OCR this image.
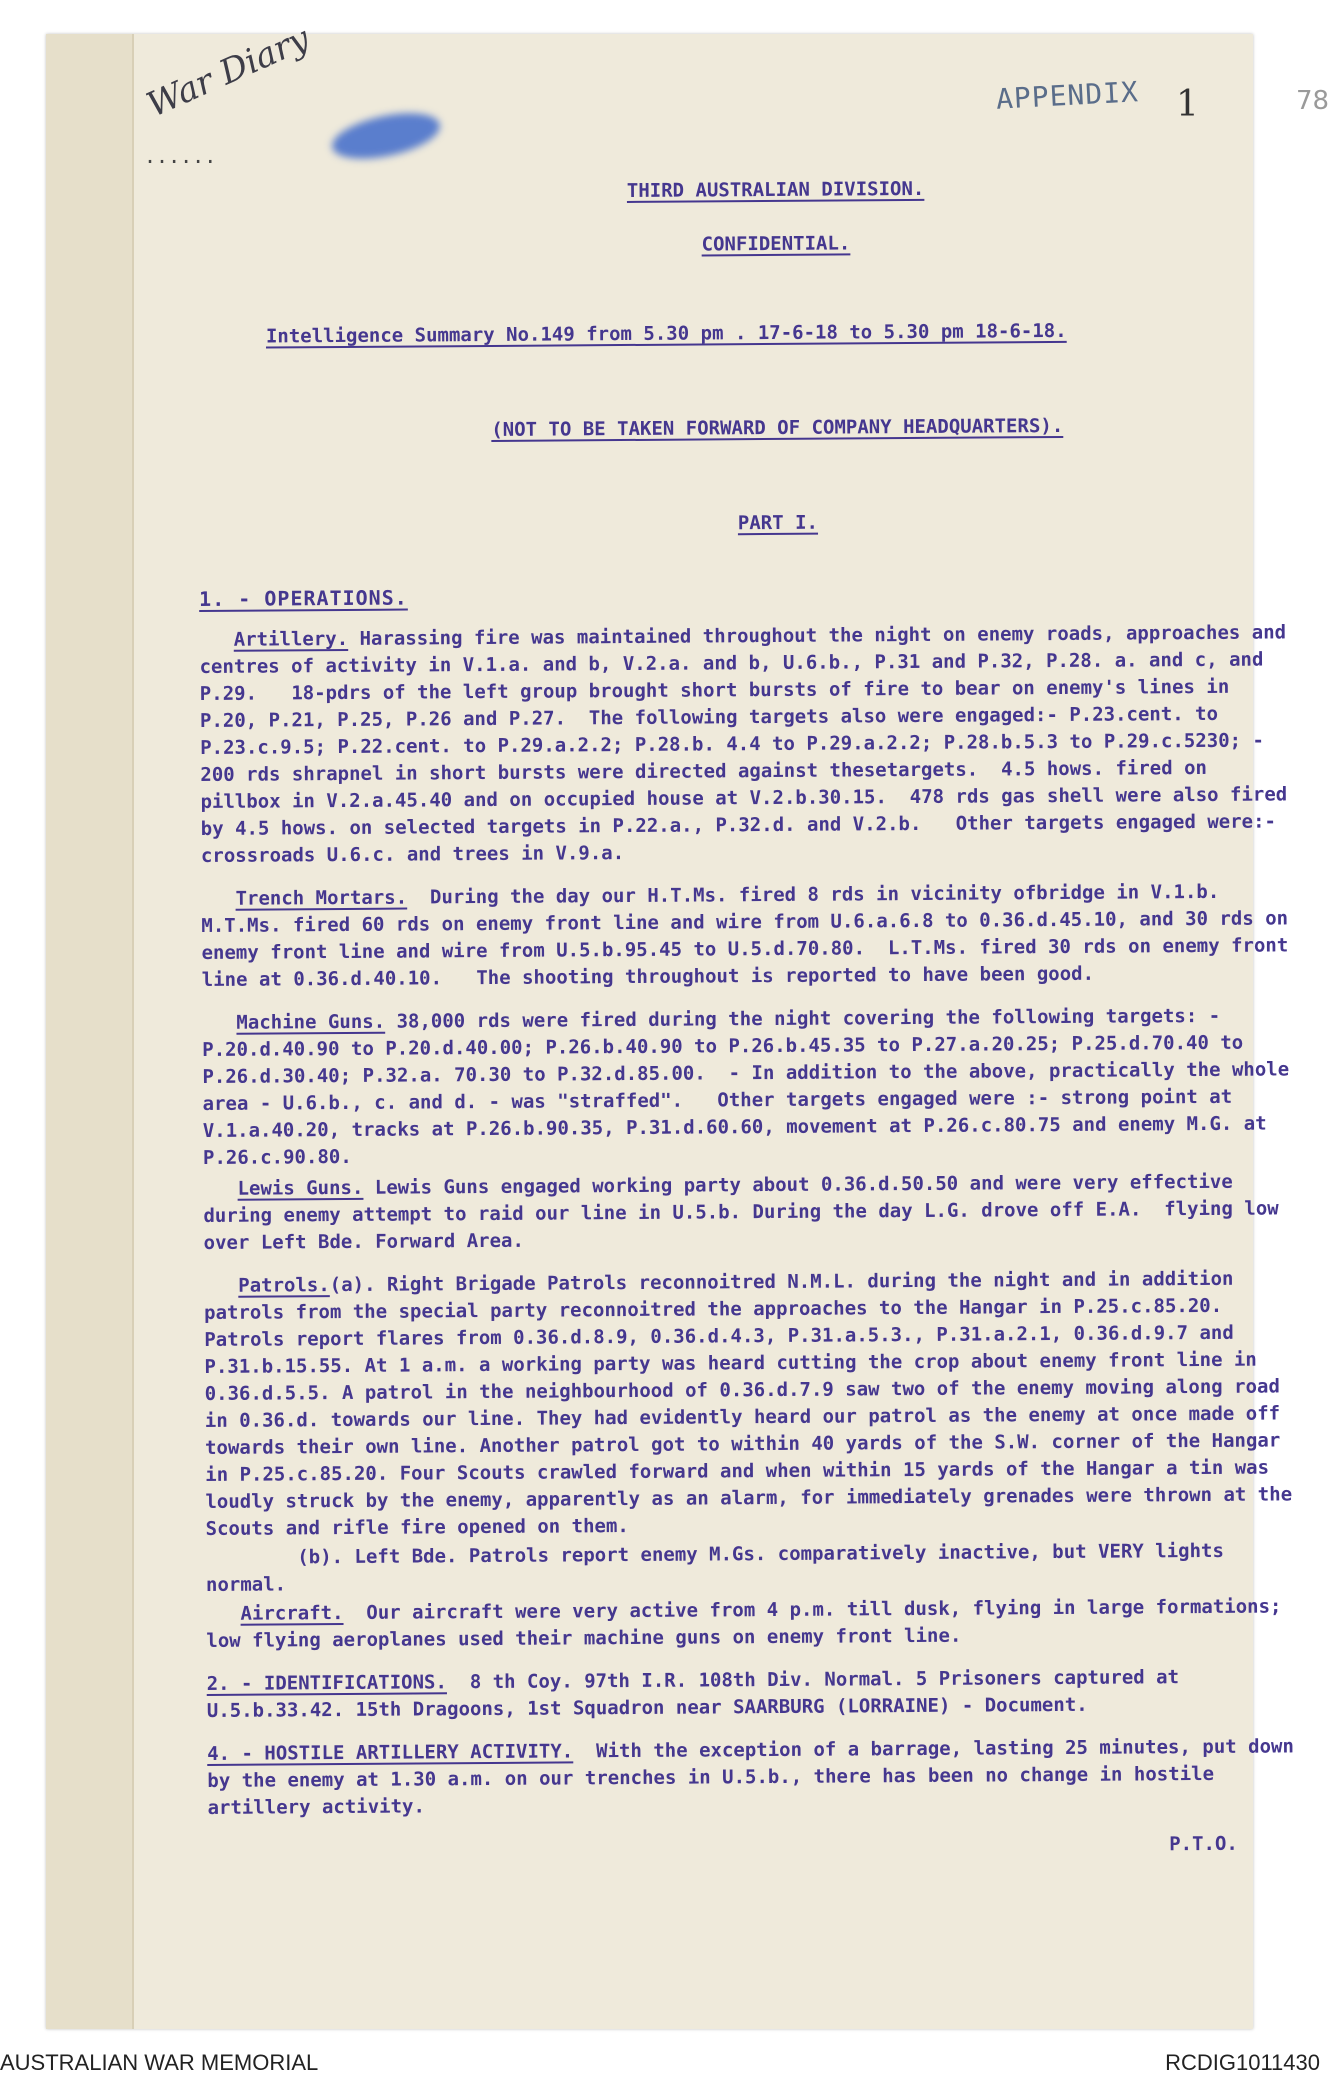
......
War Diary	APPENDIX 1	78

THIRD AUSTRALIAN DIVISION.

CONFIDENTIAL.

Intelligence Summary No.149 from 5.30 pm . 17-6-18 to 5.30 pm 18-6-18.

(NOT TO BE TAKEN FORWARD OF COMPANY HEADQUARTERS).

PART I.

1. - OPERATIONS.

Artillery. Harassing fire was maintained throughout the night on enemy roads, approaches and centres of activity in V.1.a. and b, V.2.a. and b, U.6.b., P.31 and P.32, P.28. a. and c, and P.29.   18-pdrs of the left group brought short bursts of fire to bear on enemy's lines in P.20, P.21, P.25, P.26 and P.27.  The following targets also were engaged:- P.23.cent. to P.23.c.9.5; P.22.cent. to P.29.a.2.2; P.28.b. 4.4 to P.29.a.2.2; P.28.b.5.3 to P.29.c.5230; - 200 rds shrapnel in short bursts were directed against thesetargets.  4.5 hows. fired on pillbox in V.2.a.45.40 and on occupied house at V.2.b.30.15.  478 rds gas shell were also fired by 4.5 hows. on selected targets in P.22.a., P.32.d. and V.2.b.   Other targets engaged were:- crossroads U.6.c. and trees in V.9.a.

Trench Mortars.  During the day our H.T.Ms. fired 8 rds in vicinity ofbridge in V.1.b.  M.T.Ms. fired 60 rds on enemy front line and wire from U.6.a.6.8 to 0.36.d.45.10, and 30 rds on enemy front line and wire from U.5.b.95.45 to U.5.d.70.80.  L.T.Ms. fired 30 rds on enemy front line at 0.36.d.40.10.   The shooting throughout is reported to have been good.

Machine Guns. 38,000 rds were fired during the night covering the following targets: - P.20.d.40.90 to P.20.d.40.00; P.26.b.40.90 to P.26.b.45.35 to P.27.a.20.25; P.25.d.70.40 to P.26.d.30.40; P.32.a. 70.30 to P.32.d.85.00.  - In addition to the above, practically the whole area - U.6.b., c. and d. - was "straffed".   Other targets engaged were :- strong point at V.1.a.40.20, tracks at P.26.b.90.35, P.31.d.60.60, movement at P.26.c.80.75 and enemy M.G. at P.26.c.90.80.

Lewis Guns. Lewis Guns engaged working party about 0.36.d.50.50 and were very effective during enemy attempt to raid our line in U.5.b. During the day L.G. drove off E.A.  flying low over Left Bde. Forward Area.

Patrols.(a). Right Brigade Patrols reconnoitred N.M.L. during the night and in addition patrols from the special party reconnoitred the approaches to the Hangar in P.25.c.85.20. Patrols report flares from 0.36.d.8.9, 0.36.d.4.3, P.31.a.5.3., P.31.a.2.1, 0.36.d.9.7 and P.31.b.15.55. At 1 a.m. a working party was heard cutting the crop about enemy front line in 0.36.d.5.5. A patrol in the neighbourhood of 0.36.d.7.9 saw two of the enemy moving along road in 0.36.d. towards our line. They had evidently heard our patrol as the enemy at once made off towards their own line. Another patrol got to within 40 yards of the S.W. corner of the Hangar in P.25.c.85.20. Four Scouts crawled forward and when within 15 yards of the Hangar a tin was loudly struck by the enemy, apparently as an alarm, for immediately grenades were thrown at the Scouts and rifle fire opened on them.

(b). Left Bde. Patrols report enemy M.Gs. comparatively inactive, but VERY lights normal.

Aircraft.  Our aircraft were very active from 4 p.m. till dusk, flying in large formations; low flying aeroplanes used their machine guns on enemy front line.

2. - IDENTIFICATIONS. 8 th Coy. 97th I.R. 108th Div. Normal. 5 Prisoners captured at U.5.b.33.42. 15th Dragoons, 1st Squadron near SAARBURG (LORRAINE) - Document.

4. - HOSTILE ARTILLERY ACTIVITY.  With the exception of a barrage, lasting 25 minutes, put down by the enemy at 1.30 a.m. on our trenches in U.5.b., there has been no change in hostile artillery activity.

P.T.O.

AUSTRALIAN WAR MEMORIAL	RCDIG1011430
